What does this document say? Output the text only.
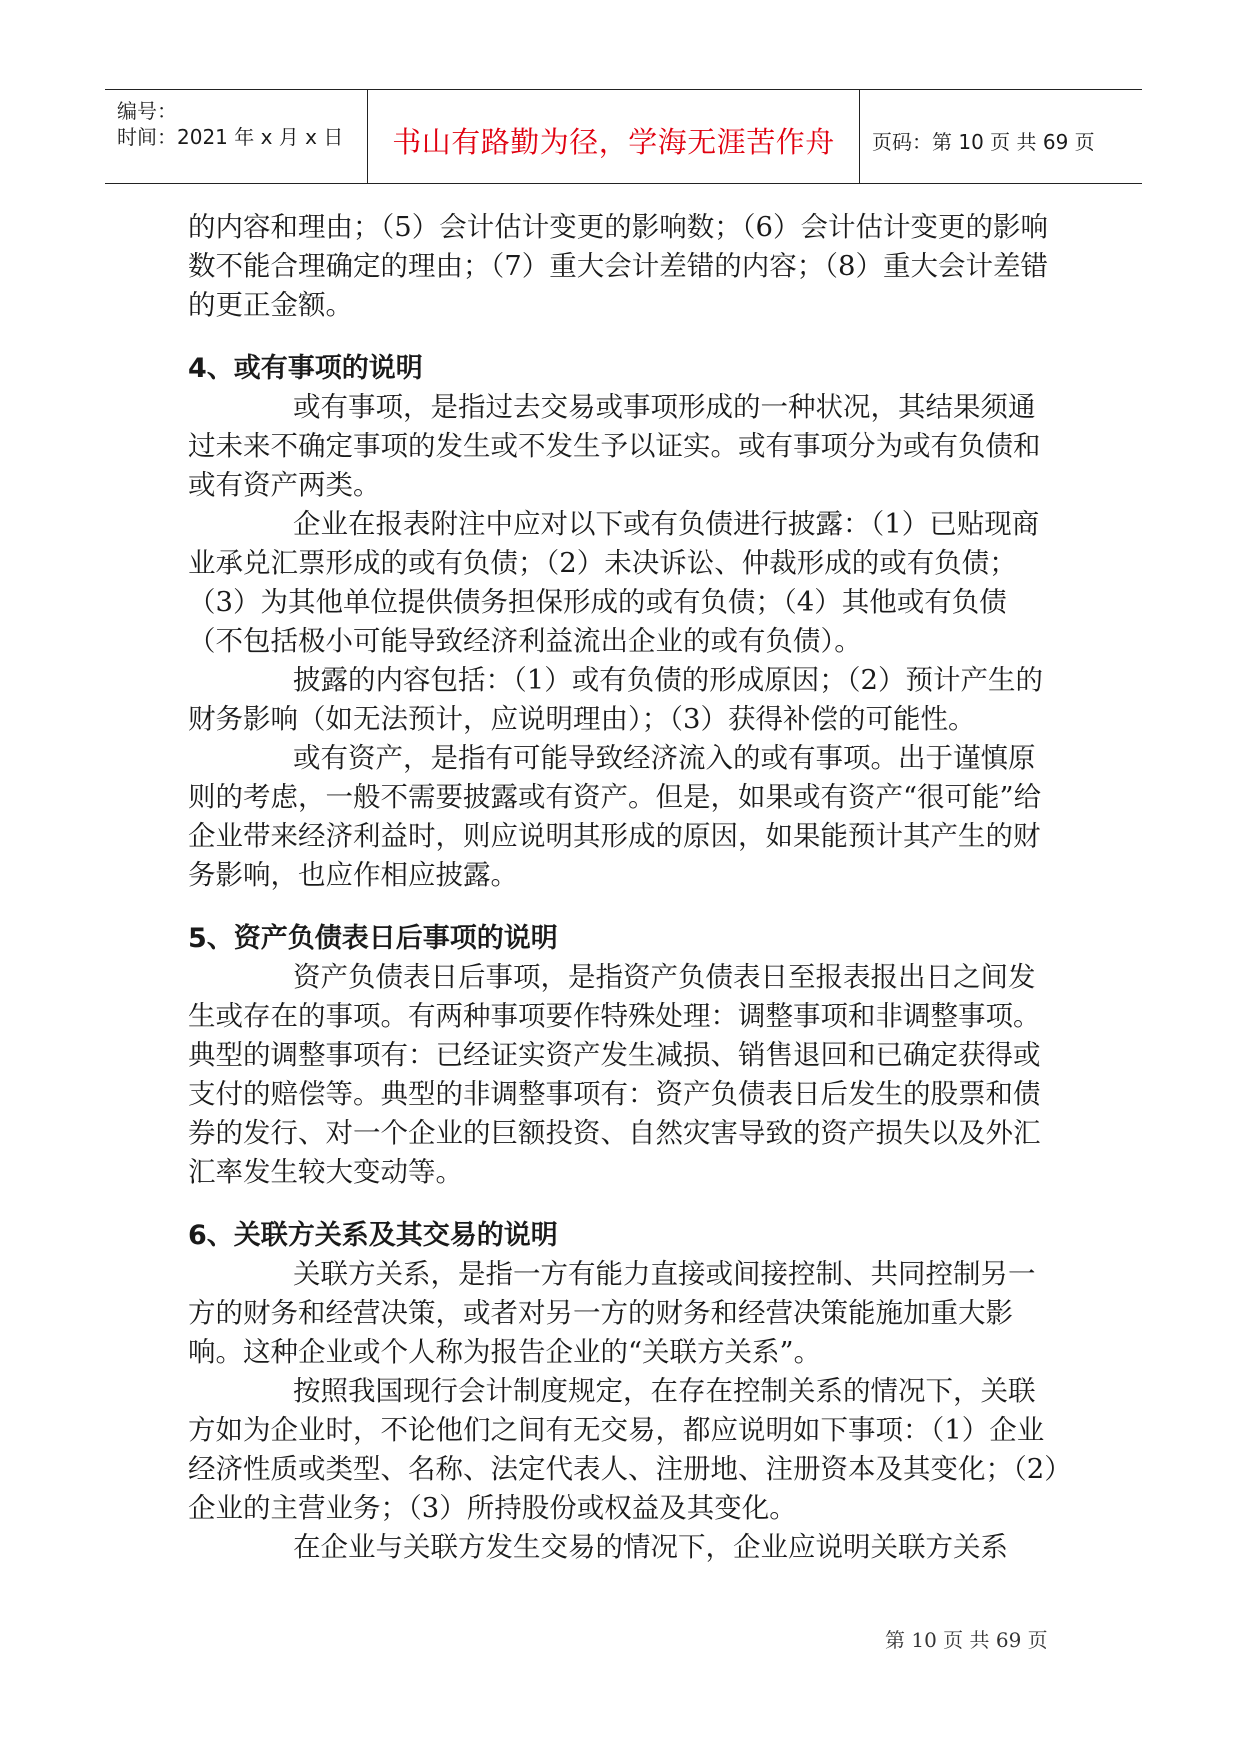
编号：
时间：2021 年 x 月 x 日	书山有路勤为径，学海无涯苦作舟	页码：第 10 页 共 69 页

的内容和理由；（5）会计估计变更的影响数；（6）会计估计变更的影响数不能合理确定的理由；（7）重大会计差错的内容；（8）重大会计差错的更正金额。

4、或有事项的说明

或有事项，是指过去交易或事项形成的一种状况，其结果须通过未来不确定事项的发生或不发生予以证实。或有事项分为或有负债和或有资产两类。

企业在报表附注中应对以下或有负债进行披露：（1）已贴现商业承兑汇票形成的或有负债；（2）未决诉讼、仲裁形成的或有负债；（3）为其他单位提供债务担保形成的或有负债；（4）其他或有负债（不包括极小可能导致经济利益流出企业的或有负债）。

披露的内容包括：（1）或有负债的形成原因；（2）预计产生的财务影响（如无法预计，应说明理由）；（3）获得补偿的可能性。

或有资产，是指有可能导致经济流入的或有事项。出于谨慎原则的考虑，一般不需要披露或有资产。但是，如果或有资产“很可能”给企业带来经济利益时，则应说明其形成的原因，如果能预计其产生的财务影响，也应作相应披露。

5、资产负债表日后事项的说明

资产负债表日后事项，是指资产负债表日至报表报出日之间发生或存在的事项。有两种事项要作特殊处理：调整事项和非调整事项。典型的调整事项有：已经证实资产发生减损、销售退回和已确定获得或支付的赔偿等。典型的非调整事项有：资产负债表日后发生的股票和债券的发行、对一个企业的巨额投资、自然灾害导致的资产损失以及外汇汇率发生较大变动等。

6、关联方关系及其交易的说明

关联方关系，是指一方有能力直接或间接控制、共同控制另一方的财务和经营决策，或者对另一方的财务和经营决策能施加重大影响。这种企业或个人称为报告企业的“关联方关系”。

按照我国现行会计制度规定，在存在控制关系的情况下，关联方如为企业时，不论他们之间有无交易，都应说明如下事项：（1）企业经济性质或类型、名称、法定代表人、注册地、注册资本及其变化；（2）企业的主营业务；（3）所持股份或权益及其变化。

在企业与关联方发生交易的情况下，企业应说明关联方关系

第 10 页 共 69 页
